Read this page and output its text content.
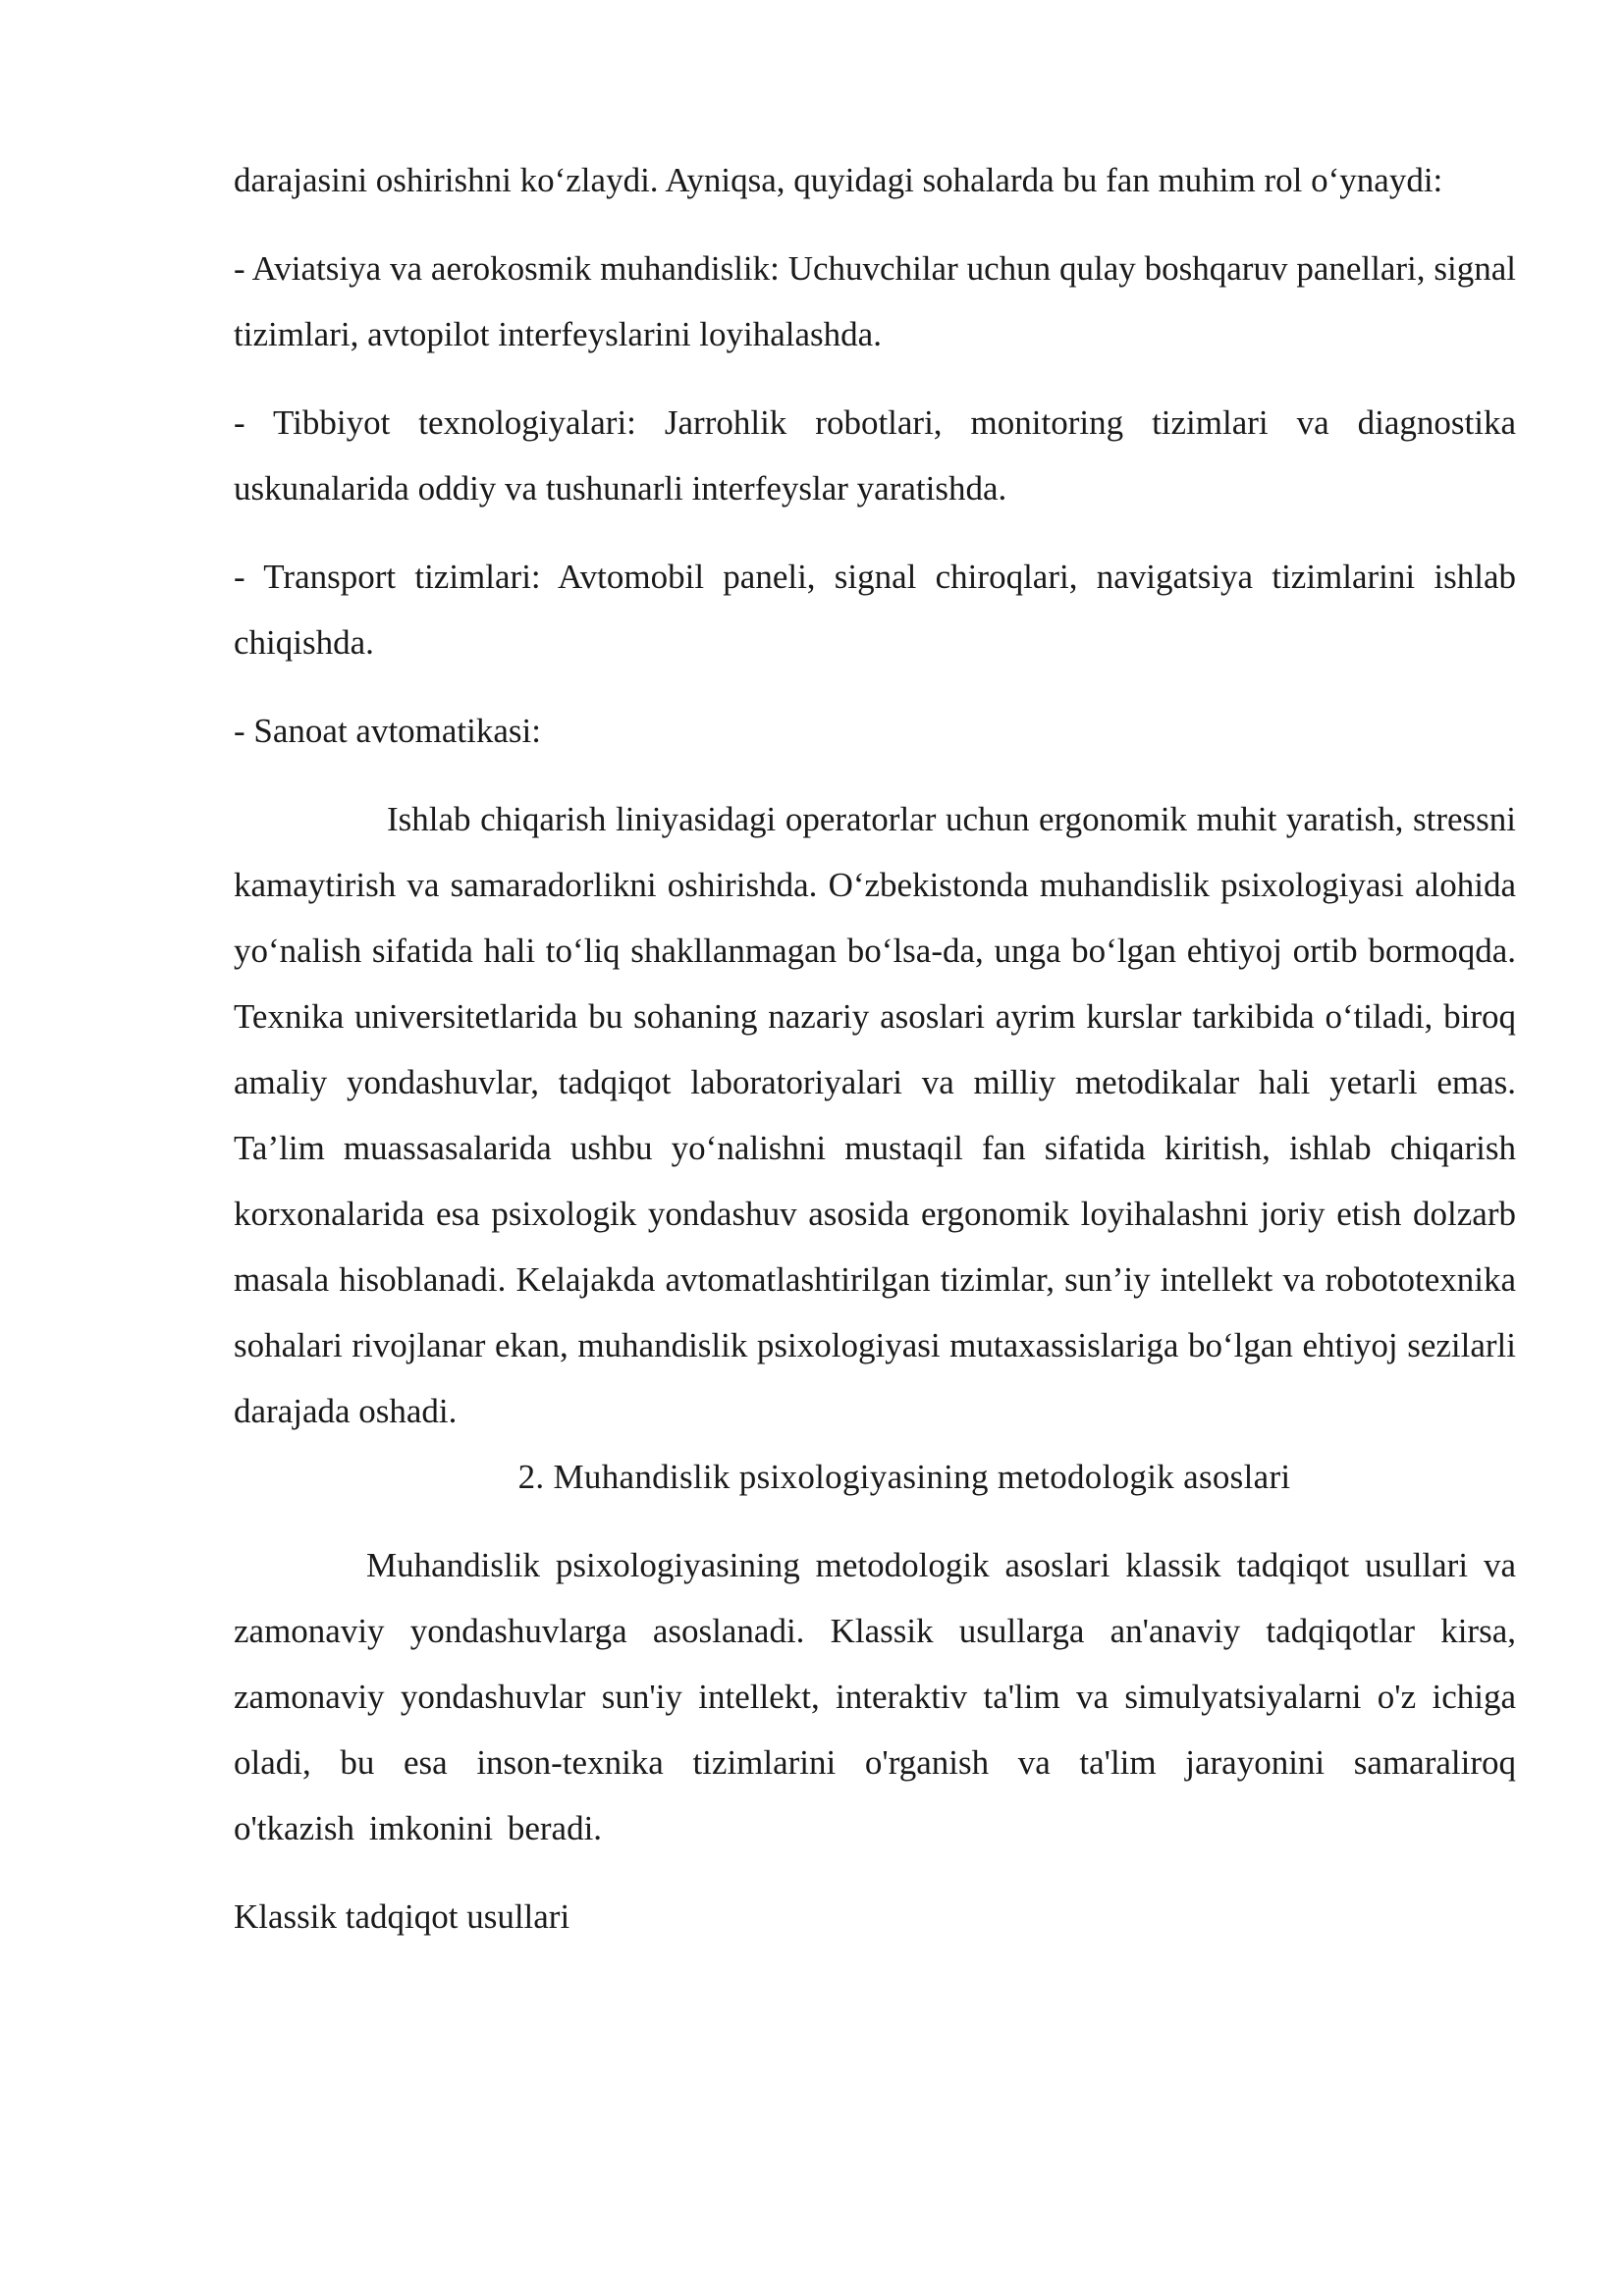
darajasini oshirishni ko‘zlaydi. Ayniqsa, quyidagi sohalarda bu fan muhim rol o‘ynaydi:

- Aviatsiya va aerokosmik muhandislik: Uchuvchilar uchun qulay boshqaruv panellari, signal tizimlari, avtopilot interfeyslarini loyihalashda.

- Tibbiyot texnologiyalari: Jarrohlik robotlari, monitoring tizimlari va diagnostika uskunalarida oddiy va tushunarli interfeyslar yaratishda.

- Transport tizimlari: Avtomobil paneli, signal chiroqlari, navigatsiya tizimlarini ishlab chiqishda.

- Sanoat avtomatikasi:

Ishlab chiqarish liniyasidagi operatorlar uchun ergonomik muhit yaratish, stressni kamaytirish va samaradorlikni oshirishda. O‘zbekistonda muhandislik psixologiyasi alohida yo‘nalish sifatida hali to‘liq shakllanmagan bo‘lsa-da, unga bo‘lgan ehtiyoj ortib bormoqda. Texnika universitetlarida bu sohaning nazariy asoslari ayrim kurslar tarkibida o‘tiladi, biroq amaliy yondashuvlar, tadqiqot laboratoriyalari va milliy metodikalar hali yetarli emas. Ta’lim muassasalarida ushbu yo‘nalishni mustaqil fan sifatida kiritish, ishlab chiqarish korxonalarida esa psixologik yondashuv asosida ergonomik loyihalashni joriy etish dolzarb masala hisoblanadi. Kelajakda avtomatlashtirilgan tizimlar, sun’iy intellekt va robototexnika sohalari rivojlanar ekan, muhandislik psixologiyasi mutaxassislariga bo‘lgan ehtiyoj sezilarli darajada oshadi.

2. Muhandislik psixologiyasining metodologik asoslari

Muhandislik psixologiyasining metodologik asoslari klassik tadqiqot usullari va zamonaviy yondashuvlarga asoslanadi. Klassik usullarga an'anaviy tadqiqotlar kirsa, zamonaviy yondashuvlar sun'iy intellekt, interaktiv ta'lim va simulyatsiyalarni o'z ichiga oladi, bu esa inson-texnika tizimlarini o'rganish va ta'lim jarayonini samaraliroq o'tkazish imkonini beradi.

Klassik tadqiqot usullari
